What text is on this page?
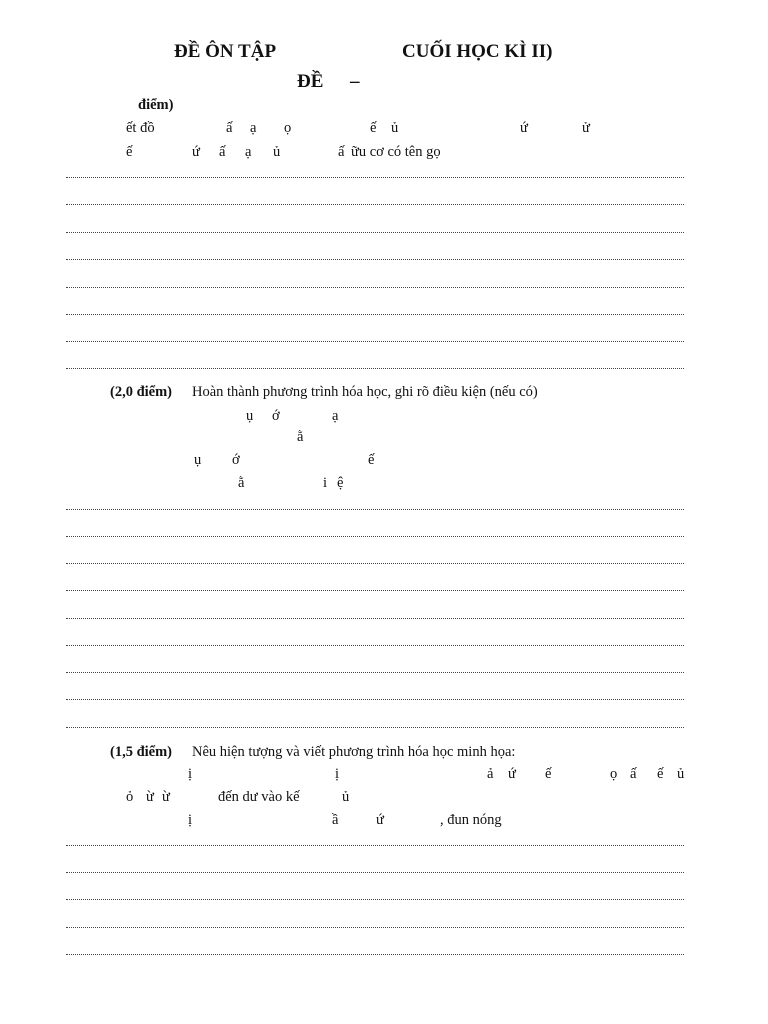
ĐỀ ÔN TẬP	CUỐI HỌC KÌ II)
ĐỀ –
điểm)
ết đồ	ấ ạ ọ	ế ủ	ứ	ử
ế	ứ ấ ạ ủ	ấ ữu cơ có tên gọ
(2,0 điểm) Hoàn thành phương trình hóa học, ghi rõ điều kiện (nếu có)
ụ ớ	ạ
ằ
ụ ớ	ế
ằ	i ệ
(1,5 điểm) Nêu hiện tượng và viết phương trình hóa học minh họa:
ị	ị	ả ứ ế	ọ ấ ế ủ
ỏ ừ ừ	đến dư vào kế	ủ
ị	ầ	ứ	, đun nóng
